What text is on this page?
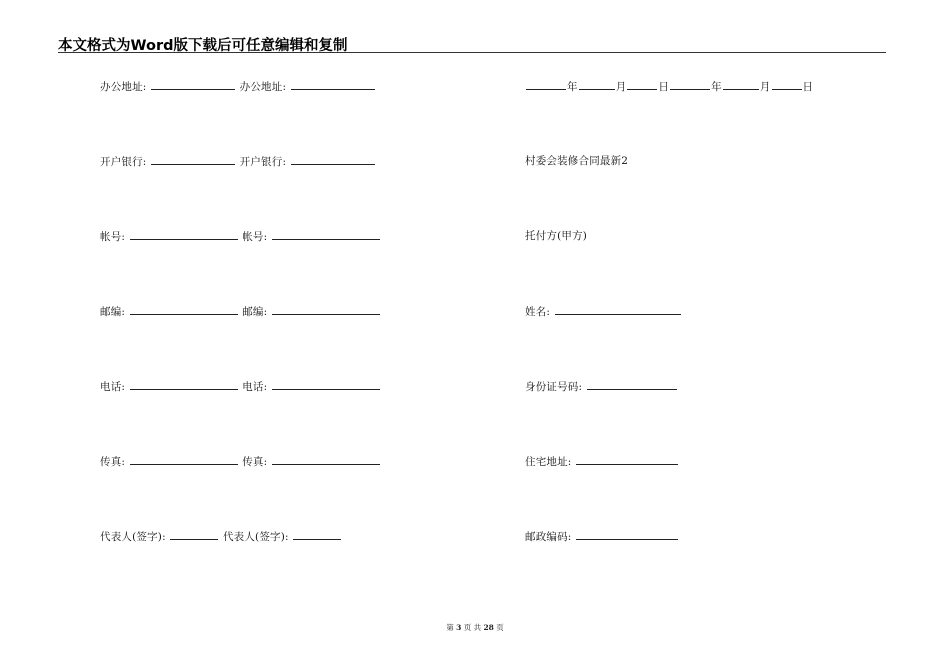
本文格式为Word版下载后可任意编辑和复制
办公地址:	办公地址:
开户银行:	开户银行:
帐号:	帐号:
邮编:	邮编:
电话:	电话:
传真:	传真:
代表人(签字):	代表人(签字):
年	月	日	年	月	日
村委会装修合同最新2
托付方(甲方)
姓名:
身份证号码:
住宅地址:
邮政编码:
第 3 页 共 28 页
